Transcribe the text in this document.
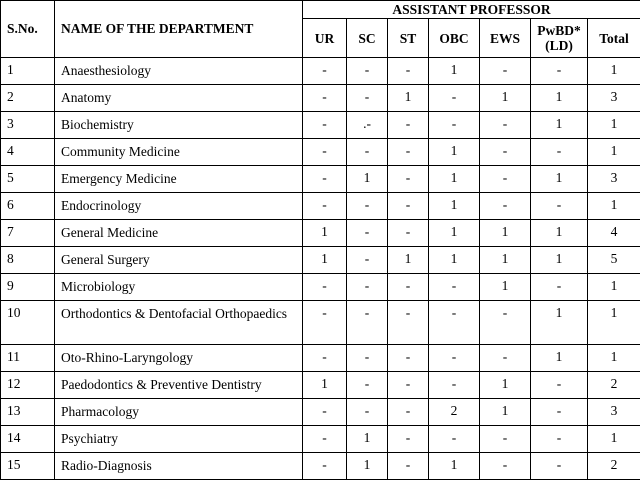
S.No.	NAME OF THE DEPARTMENT	ASSISTANT PROFESSOR						
		UR	SC	ST	OBC	EWS	PwBD* (LD)	Total
1	Anaesthesiology	-	-	-	1	-	-	1
2	Anatomy	-	-	1	-	1	1	3
3	Biochemistry	-	.-	-	-	-	1	1
4	Community Medicine	-	-	-	1	-	-	1
5	Emergency Medicine	-	1	-	1	-	1	3
6	Endocrinology	-	-	-	1	-	-	1
7	General Medicine	1	-	-	1	1	1	4
8	General Surgery	1	-	1	1	1	1	5
9	Microbiology	-	-	-	-	1	-	1
10	Orthodontics & Dentofacial Orthopaedics	-	-	-	-	-	1	1
11	Oto-Rhino-Laryngology	-	-	-	-	-	1	1
12	Paedodontics & Preventive Dentistry	1	-	-	-	1	-	2
13	Pharmacology	-	-	-	2	1	-	3
14	Psychiatry	-	1	-	-	-	-	1
15	Radio-Diagnosis	-	1	-	1	-	-	2
